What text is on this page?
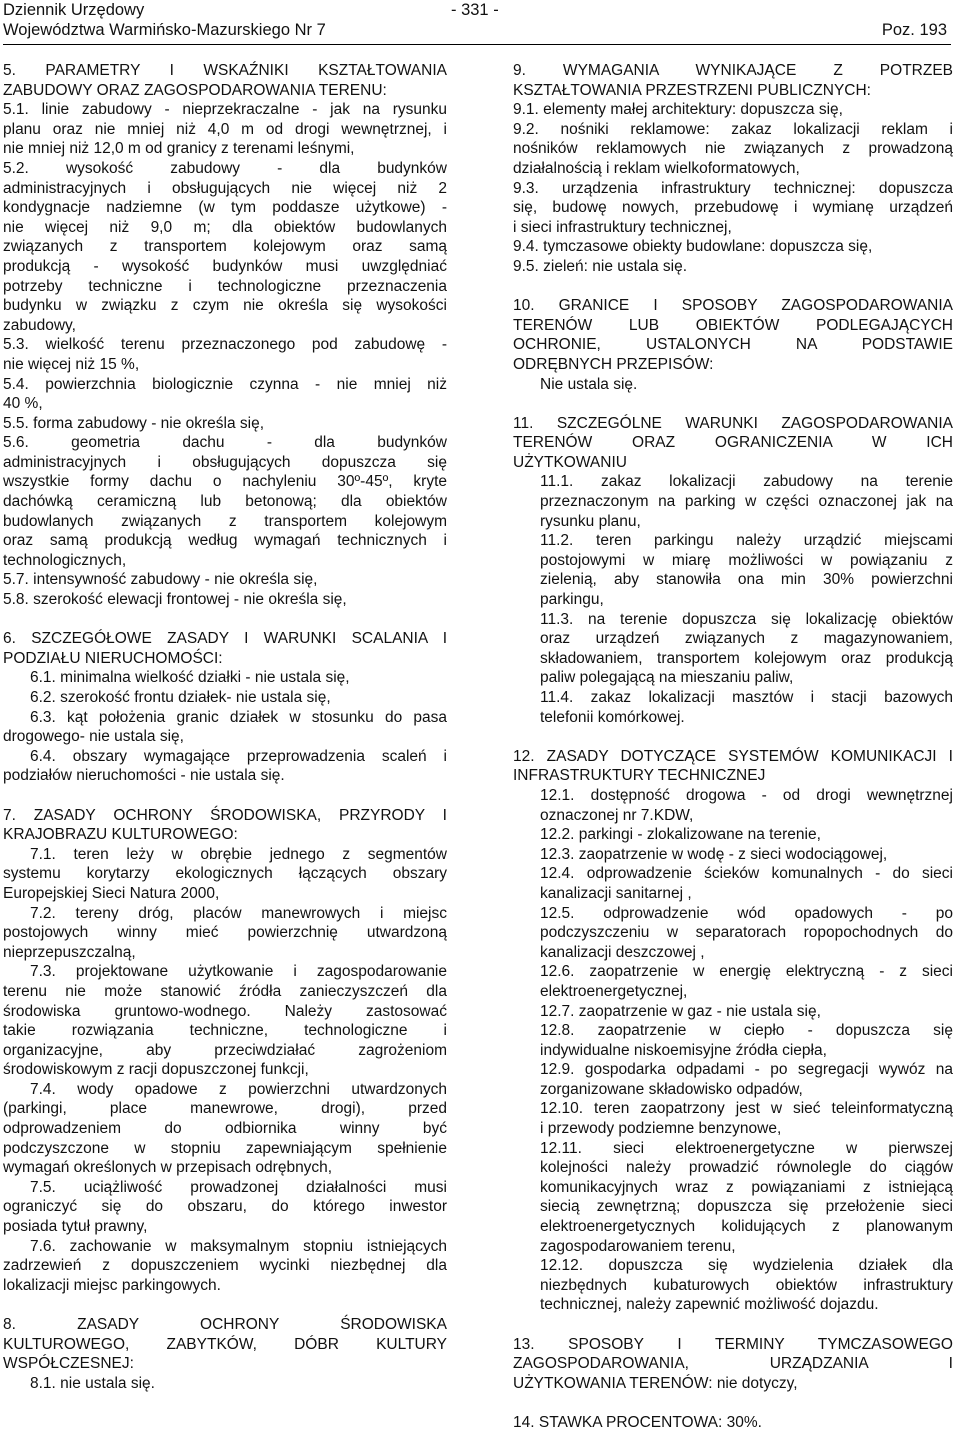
Dziennik Urzędowy
Województwa Warmińsko-Mazurskiego Nr 7
- 331 -
Poz. 193
5. PARAMETRY I WSKAŹNIKI KSZTAŁTOWANIA
ZABUDOWY ORAZ ZAGOSPODAROWANIA TERENU:
5.1. linie zabudowy - nieprzekraczalne - jak na rysunku
planu oraz nie mniej niż 4,0 m od drogi wewnętrznej, i
nie mniej niż 12,0 m od granicy z terenami leśnymi,
5.2. wysokość zabudowy - dla budynków
administracyjnych i obsługujących nie więcej niż 2
kondygnacje nadziemne (w tym poddasze użytkowe) -
nie więcej niż 9,0 m; dla obiektów budowlanych
związanych z transportem kolejowym oraz samą
produkcją - wysokość budynków musi uwzględniać
potrzeby techniczne i technologiczne przeznaczenia
budynku w związku z czym nie określa się wysokości
zabudowy,
5.3. wielkość terenu przeznaczonego pod zabudowę -
nie więcej niż 15 %,
5.4. powierzchnia biologicznie czynna - nie mniej niż
40 %,
5.5. forma zabudowy - nie określa się,
5.6. geometria dachu - dla budynków
administracyjnych i obsługujących dopuszcza się
wszystkie formy dachu o nachyleniu 30º-45º, kryte
dachówką ceramiczną lub betonową; dla obiektów
budowlanych związanych z transportem kolejowym
oraz samą produkcją według wymagań technicznych i
technologicznych,
5.7. intensywność zabudowy - nie określa się,
5.8. szerokość elewacji frontowej - nie określa się,
6. SZCZEGÓŁOWE ZASADY I WARUNKI SCALANIA I
PODZIAŁU NIERUCHOMOŚCI:
6.1. minimalna wielkość działki - nie ustala się,
6.2. szerokość frontu działek- nie ustala się,
6.3. kąt położenia granic działek w stosunku do pasa
drogowego- nie ustala się,
6.4. obszary wymagające przeprowadzenia scaleń i
podziałów nieruchomości - nie ustala się.
7. ZASADY OCHRONY ŚRODOWISKA, PRZYRODY I
KRAJOBRAZU KULTUROWEGO:
7.1. teren leży w obrębie jednego z segmentów
systemu korytarzy ekologicznych łączących obszary
Europejskiej Sieci Natura 2000,
7.2. tereny dróg, placów manewrowych i miejsc
postojowych winny mieć powierzchnię utwardzoną
nieprzepuszczalną,
7.3. projektowane użytkowanie i zagospodarowanie
terenu nie może stanowić źródła zanieczyszczeń dla
środowiska gruntowo-wodnego. Należy zastosować
takie rozwiązania techniczne, technologiczne i
organizacyjne, aby przeciwdziałać zagrożeniom
środowiskowym z racji dopuszczonej funkcji,
7.4. wody opadowe z powierzchni utwardzonych
(parkingi, place manewrowe, drogi), przed
odprowadzeniem do odbiornika winny być
podczyszczone w stopniu zapewniającym spełnienie
wymagań określonych w przepisach odrębnych,
7.5. uciążliwość prowadzonej działalności musi
ograniczyć się do obszaru, do którego inwestor
posiada tytuł prawny,
7.6. zachowanie w maksymalnym stopniu istniejących
zadrzewień z dopuszczeniem wycinki niezbędnej dla
lokalizacji miejsc parkingowych.
8. ZASADY OCHRONY ŚRODOWISKA
KULTUROWEGO, ZABYTKÓW, DÓBR KULTURY
WSPÓŁCZESNEJ:
8.1. nie ustala się.
9. WYMAGANIA WYNIKAJĄCE Z POTRZEB
KSZTAŁTOWANIA PRZESTRZENI PUBLICZNYCH:
9.1. elementy małej architektury: dopuszcza się,
9.2. nośniki reklamowe: zakaz lokalizacji reklam i
nośników reklamowych nie związanych z prowadzoną
działalnością i reklam wielkoformatowych,
9.3. urządzenia infrastruktury technicznej: dopuszcza
się, budowę nowych, przebudowę i wymianę urządzeń
i sieci infrastruktury technicznej,
9.4. tymczasowe obiekty budowlane: dopuszcza się,
9.5. zieleń: nie ustala się.
10. GRANICE I SPOSOBY ZAGOSPODAROWANIA
TERENÓW LUB OBIEKTÓW PODLEGAJĄCYCH
OCHRONIE, USTALONYCH NA PODSTAWIE
ODRĘBNYCH PRZEPISÓW:
Nie ustala się.
11. SZCZEGÓLNE WARUNKI ZAGOSPODAROWANIA
TERENÓW ORAZ OGRANICZENIA W ICH
UŻYTKOWANIU
11.1. zakaz lokalizacji zabudowy na terenie
przeznaczonym na parking w części oznaczonej jak na
rysunku planu,
11.2. teren parkingu należy urządzić miejscami
postojowymi w miarę możliwości w powiązaniu z
zielenią, aby stanowiła ona min 30% powierzchni
parkingu,
11.3. na terenie dopuszcza się lokalizację obiektów
oraz urządzeń związanych z magazynowaniem,
składowaniem, transportem kolejowym oraz produkcją
paliw polegającą na mieszaniu paliw,
11.4. zakaz lokalizacji masztów i stacji bazowych
telefonii komórkowej.
12. ZASADY DOTYCZĄCE SYSTEMÓW KOMUNIKACJI I
INFRASTRUKTURY TECHNICZNEJ
12.1. dostępność drogowa - od drogi wewnętrznej
oznaczonej nr 7.KDW,
12.2. parkingi - zlokalizowane na terenie,
12.3. zaopatrzenie w wodę - z sieci wodociągowej,
12.4. odprowadzenie ścieków komunalnych - do sieci
kanalizacji sanitarnej ,
12.5. odprowadzenie wód opadowych - po
podczyszczeniu w separatorach ropopochodnych do
kanalizacji deszczowej ,
12.6. zaopatrzenie w energię elektryczną - z sieci
elektroenergetycznej,
12.7. zaopatrzenie w gaz - nie ustala się,
12.8. zaopatrzenie w ciepło - dopuszcza się
indywidualne niskoemisyjne źródła ciepła,
12.9. gospodarka odpadami - po segregacji wywóz na
zorganizowane składowisko odpadów,
12.10. teren zaopatrzony jest w sieć teleinformatyczną
i przewody podziemne benzynowe,
12.11. sieci elektroenergetyczne w pierwszej
kolejności należy prowadzić równolegle do ciągów
komunikacyjnych wraz z powiązaniami z istniejącą
siecią zewnętrzną; dopuszcza się przełożenie sieci
elektroenergetycznych kolidujących z planowanym
zagospodarowaniem terenu,
12.12. dopuszcza się wydzielenia działek dla
niezbędnych kubaturowych obiektów infrastruktury
technicznej, należy zapewnić możliwość dojazdu.
13. SPOSOBY I TERMINY TYMCZASOWEGO
ZAGOSPODAROWANIA, URZĄDZANIA I
UŻYTKOWANIA TERENÓW: nie dotyczy,
14. STAWKA PROCENTOWA: 30%.
